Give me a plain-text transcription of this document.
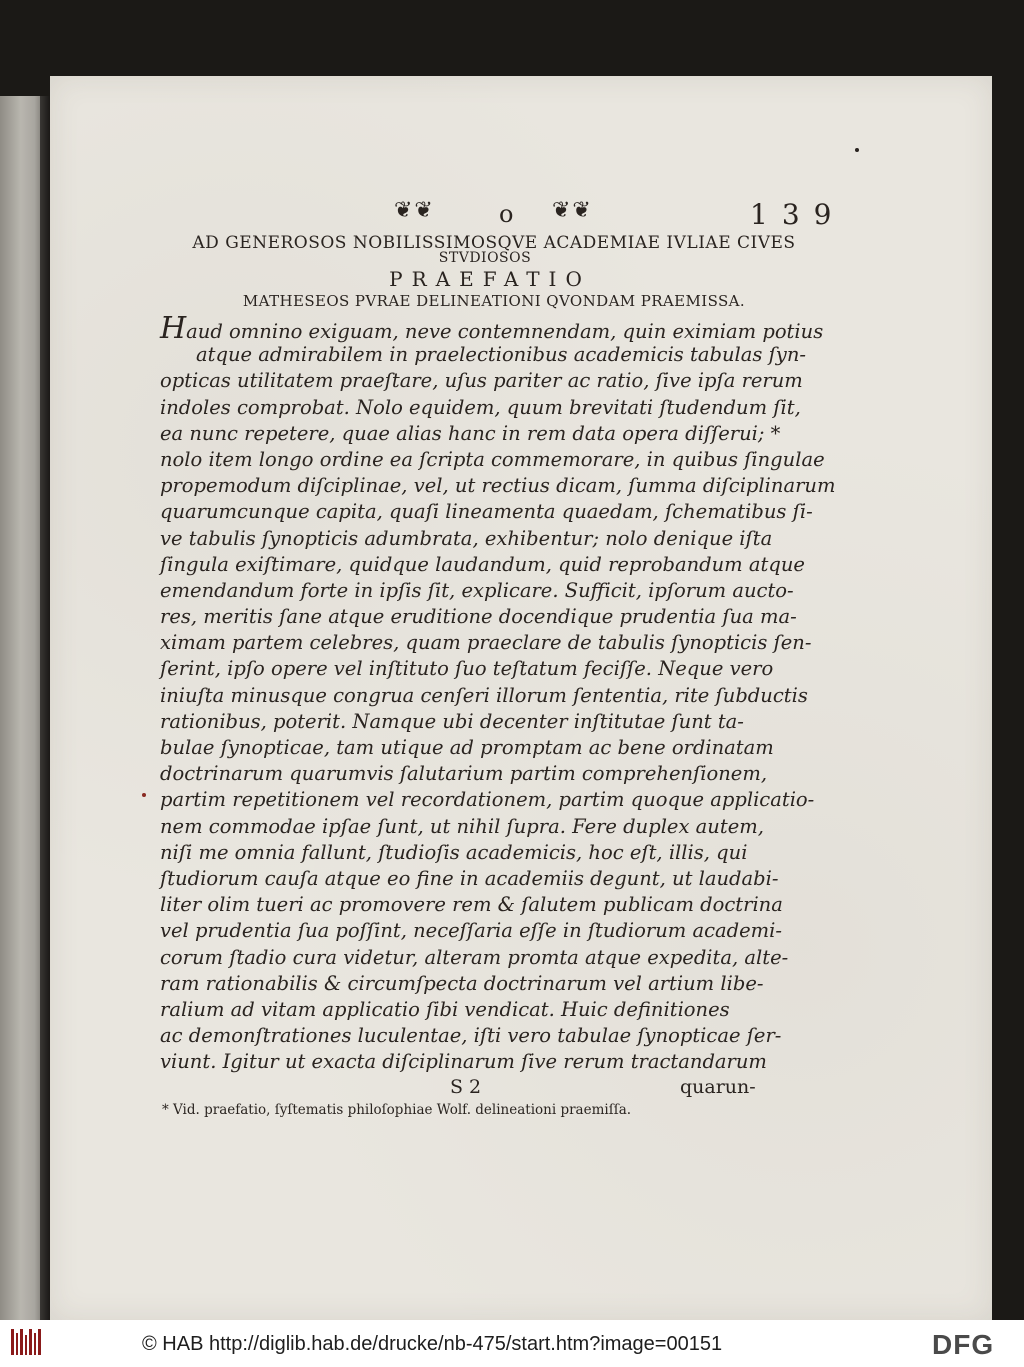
❦❦	o ❦❦	139
AD GENEROSOS NOBILISSIMOSQVE ACADEMIAE IVLIAE CIVES
STVDIOSOS
PRAEFATIO
MATHESEOS PVRAE DELINEATIONI QVONDAM PRAEMISSA.
Haud omnino exiguam, neve contemnendam, quin eximiam potius
atque admirabilem in praelectionibus academicis tabulas ſyn-
opticas utilitatem praeſtare, uſus pariter ac ratio, ſive ipſa rerum
indoles comprobat. Nolo equidem, quum brevitati ſtudendum ſit,
ea nunc repetere, quae alias hanc in rem data opera diſſerui; *
nolo item longo ordine ea ſcripta commemorare, in quibus ſingulae
propemodum diſciplinae, vel, ut rectius dicam, ſumma diſciplinarum
quarumcunque capita, quaſi lineamenta quaedam, ſchematibus ſi-
ve tabulis ſynopticis adumbrata, exhibentur; nolo denique iſta
ſingula exiſtimare, quidque laudandum, quid reprobandum atque
emendandum forte in ipſis ſit, explicare. Sufficit, ipſorum aucto-
res, meritis ſane atque eruditione docendique prudentia ſua ma-
ximam partem celebres, quam praeclare de tabulis ſynopticis ſen-
ſerint, ipſo opere vel inſtituto ſuo teſtatum feciſſe. Neque vero
iniuſta minusque congrua cenſeri illorum ſententia, rite ſubductis
rationibus, poterit. Namque ubi decenter inſtitutae ſunt ta-
bulae ſynopticae, tam utique ad promptam ac bene ordinatam
doctrinarum quarumvis ſalutarium partim comprehenſionem,
partim repetitionem vel recordationem, partim quoque applicatio-
nem commodae ipſae ſunt, ut nihil ſupra. Fere duplex autem,
niſi me omnia fallunt, ſtudioſis academicis, hoc eſt, illis, qui
ſtudiorum cauſa atque eo fine in academiis degunt, ut laudabi-
liter olim tueri ac promovere rem & ſalutem publicam doctrina
vel prudentia ſua poſſint, neceſſaria eſſe in ſtudiorum academi-
corum ſtadio cura videtur, alteram promta atque expedita, alte-
ram rationabilis & circumſpecta doctrinarum vel artium libe-
ralium ad vitam applicatio ſibi vendicat. Huic definitiones
ac demonſtrationes luculentae, iſti vero tabulae ſynopticae ſer-
viunt. Igitur ut exacta diſciplinarum ſive rerum tractandarum
S 2	quarun-
* Vid. praefatio, ſyſtematis philoſophiae Wolf. delineationi praemiſſa.
© HAB http://diglib.hab.de/drucke/nb-475/start.htm?image=00151	DFG
